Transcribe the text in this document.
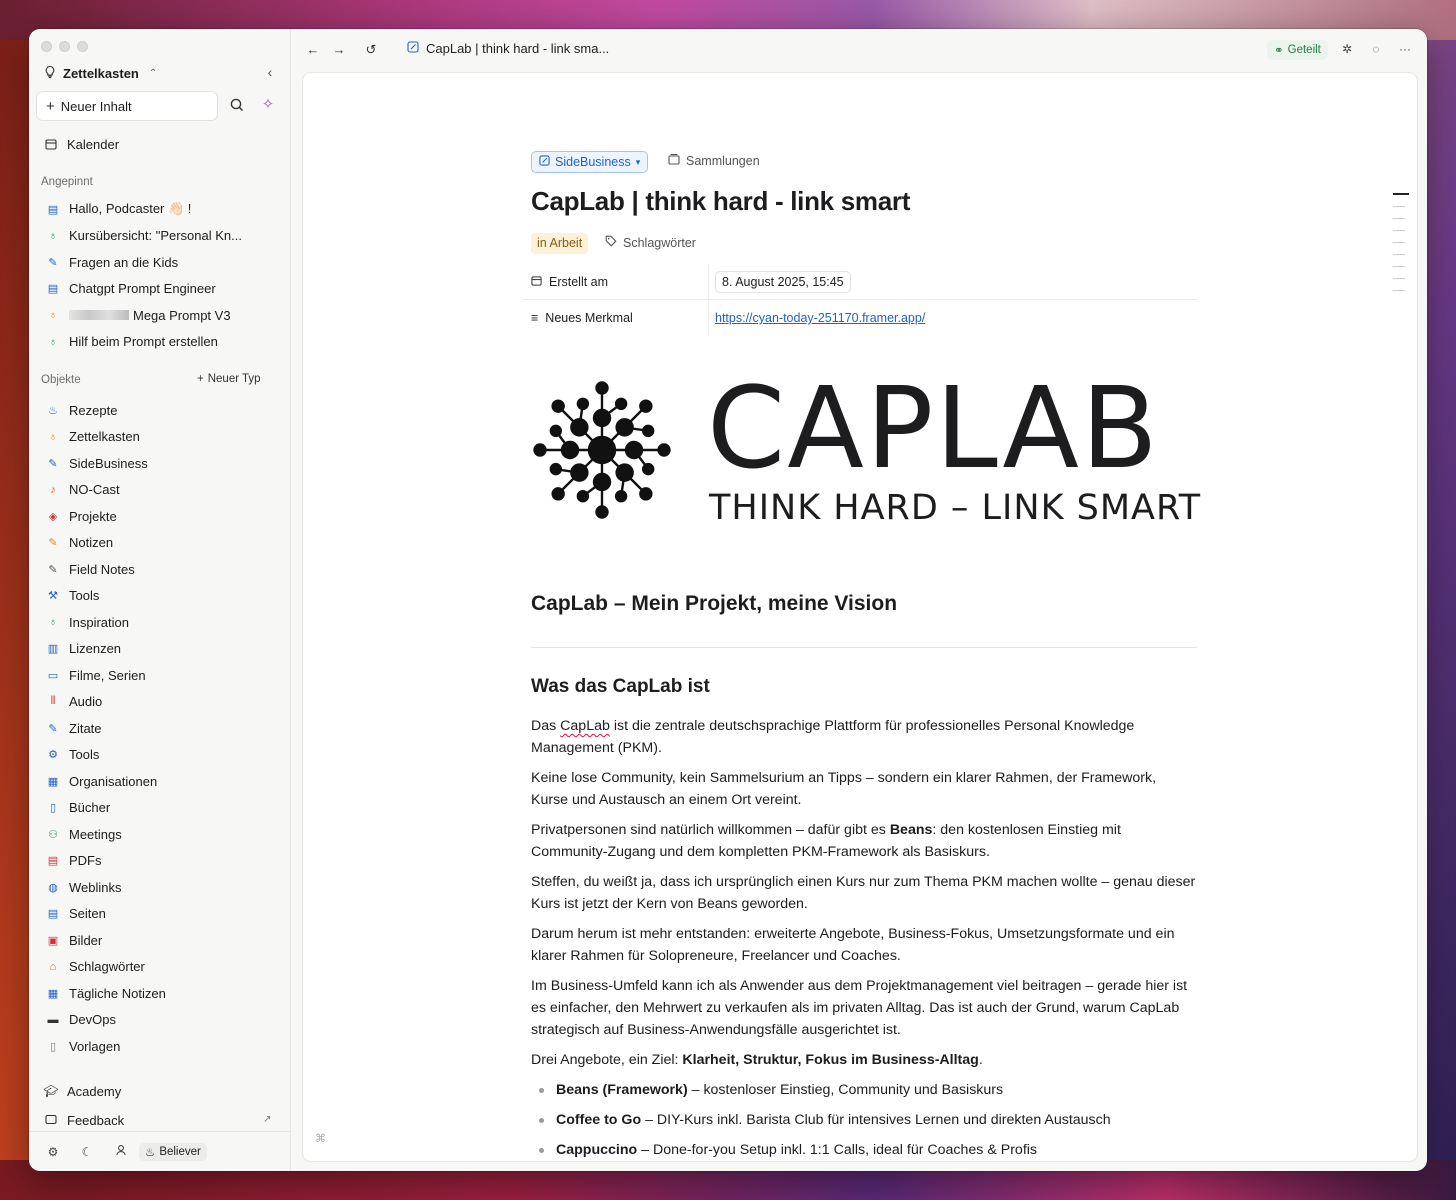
Zettelkasten ⌃	‹
+ Neuer Inhalt	✧
Kalender
Angepinnt
▤ Hallo, Podcaster 👋🏻 !
♁ Kursübersicht: "Personal Kn...
✎ Fragen an die Kids
▤ Chatgpt Prompt Engineer
♁	Mega Prompt V3
♁ Hilf beim Prompt erstellen
Objekte	+ Neuer Typ
♨ Rezepte
♁ Zettelkasten
✎ SideBusiness
♪	NO-Cast
◈ Projekte
✎ Notizen
✎ Field Notes
⚒ Tools
♁ Inspiration
▥ Lizenzen
▭ Filme, Serien
⦀	Audio
✎ Zitate
⚙ Tools
▦ Organisationen
▯ Bücher
⚇ Meetings
▤ PDFs
◍ Weblinks
▤ Seiten
▣ Bilder
⌂ Schlagwörter
▦ Tägliche Notizen
▬ DevOps
▯ Vorlagen
🎓︎ Academy
Feedback	↗
⚙ ☾	♨ Believer
←	→	↺	CapLab | think hard - link sma...	⚭ Geteilt	✲	◌	···
SideBusiness ▾	Sammlungen
CapLab | think hard - link smart
in Arbeit	Schlagwörter
Erstellt am	8. August 2025, 15:45
≡ Neues Merkmal	https://cyan-today-251170.framer.app/
CAPLAB
THINK HARD – LINK SMART
CapLab – Mein Projekt, meine Vision
Was das CapLab ist

Das CapLab ist die zentrale deutschsprachige Plattform für professionelles Personal Knowledge Management (PKM).

Keine lose Community, kein Sammelsurium an Tipps – sondern ein klarer Rahmen, der Framework, Kurse und Austausch an einem Ort vereint.

Privatpersonen sind natürlich willkommen – dafür gibt es Beans: den kostenlosen Einstieg mit Community-Zugang und dem kompletten PKM-Framework als Basiskurs.

Steffen, du weißt ja, dass ich ursprünglich einen Kurs nur zum Thema PKM machen wollte – genau dieser Kurs ist jetzt der Kern von Beans geworden.

Darum herum ist mehr entstanden: erweiterte Angebote, Business-Fokus, Umsetzungsformate und ein klarer Rahmen für Solopreneure, Freelancer und Coaches.

Im Business-Umfeld kann ich als Anwender aus dem Projektmanagement viel beitragen – gerade hier ist es einfacher, den Mehrwert zu verkaufen als im privaten Alltag. Das ist auch der Grund, warum CapLab strategisch auf Business-Anwendungsfälle ausgerichtet ist.

Drei Angebote, ein Ziel: Klarheit, Struktur, Fokus im Business-Alltag.

Beans (Framework) – kostenloser Einstieg, Community und Basiskurs
Coffee to Go – DIY-Kurs inkl. Barista Club für intensives Lernen und direkten Austausch
Cappuccino – Done-for-you Setup inkl. 1:1 Calls, ideal für Coaches & Profis
⌘
